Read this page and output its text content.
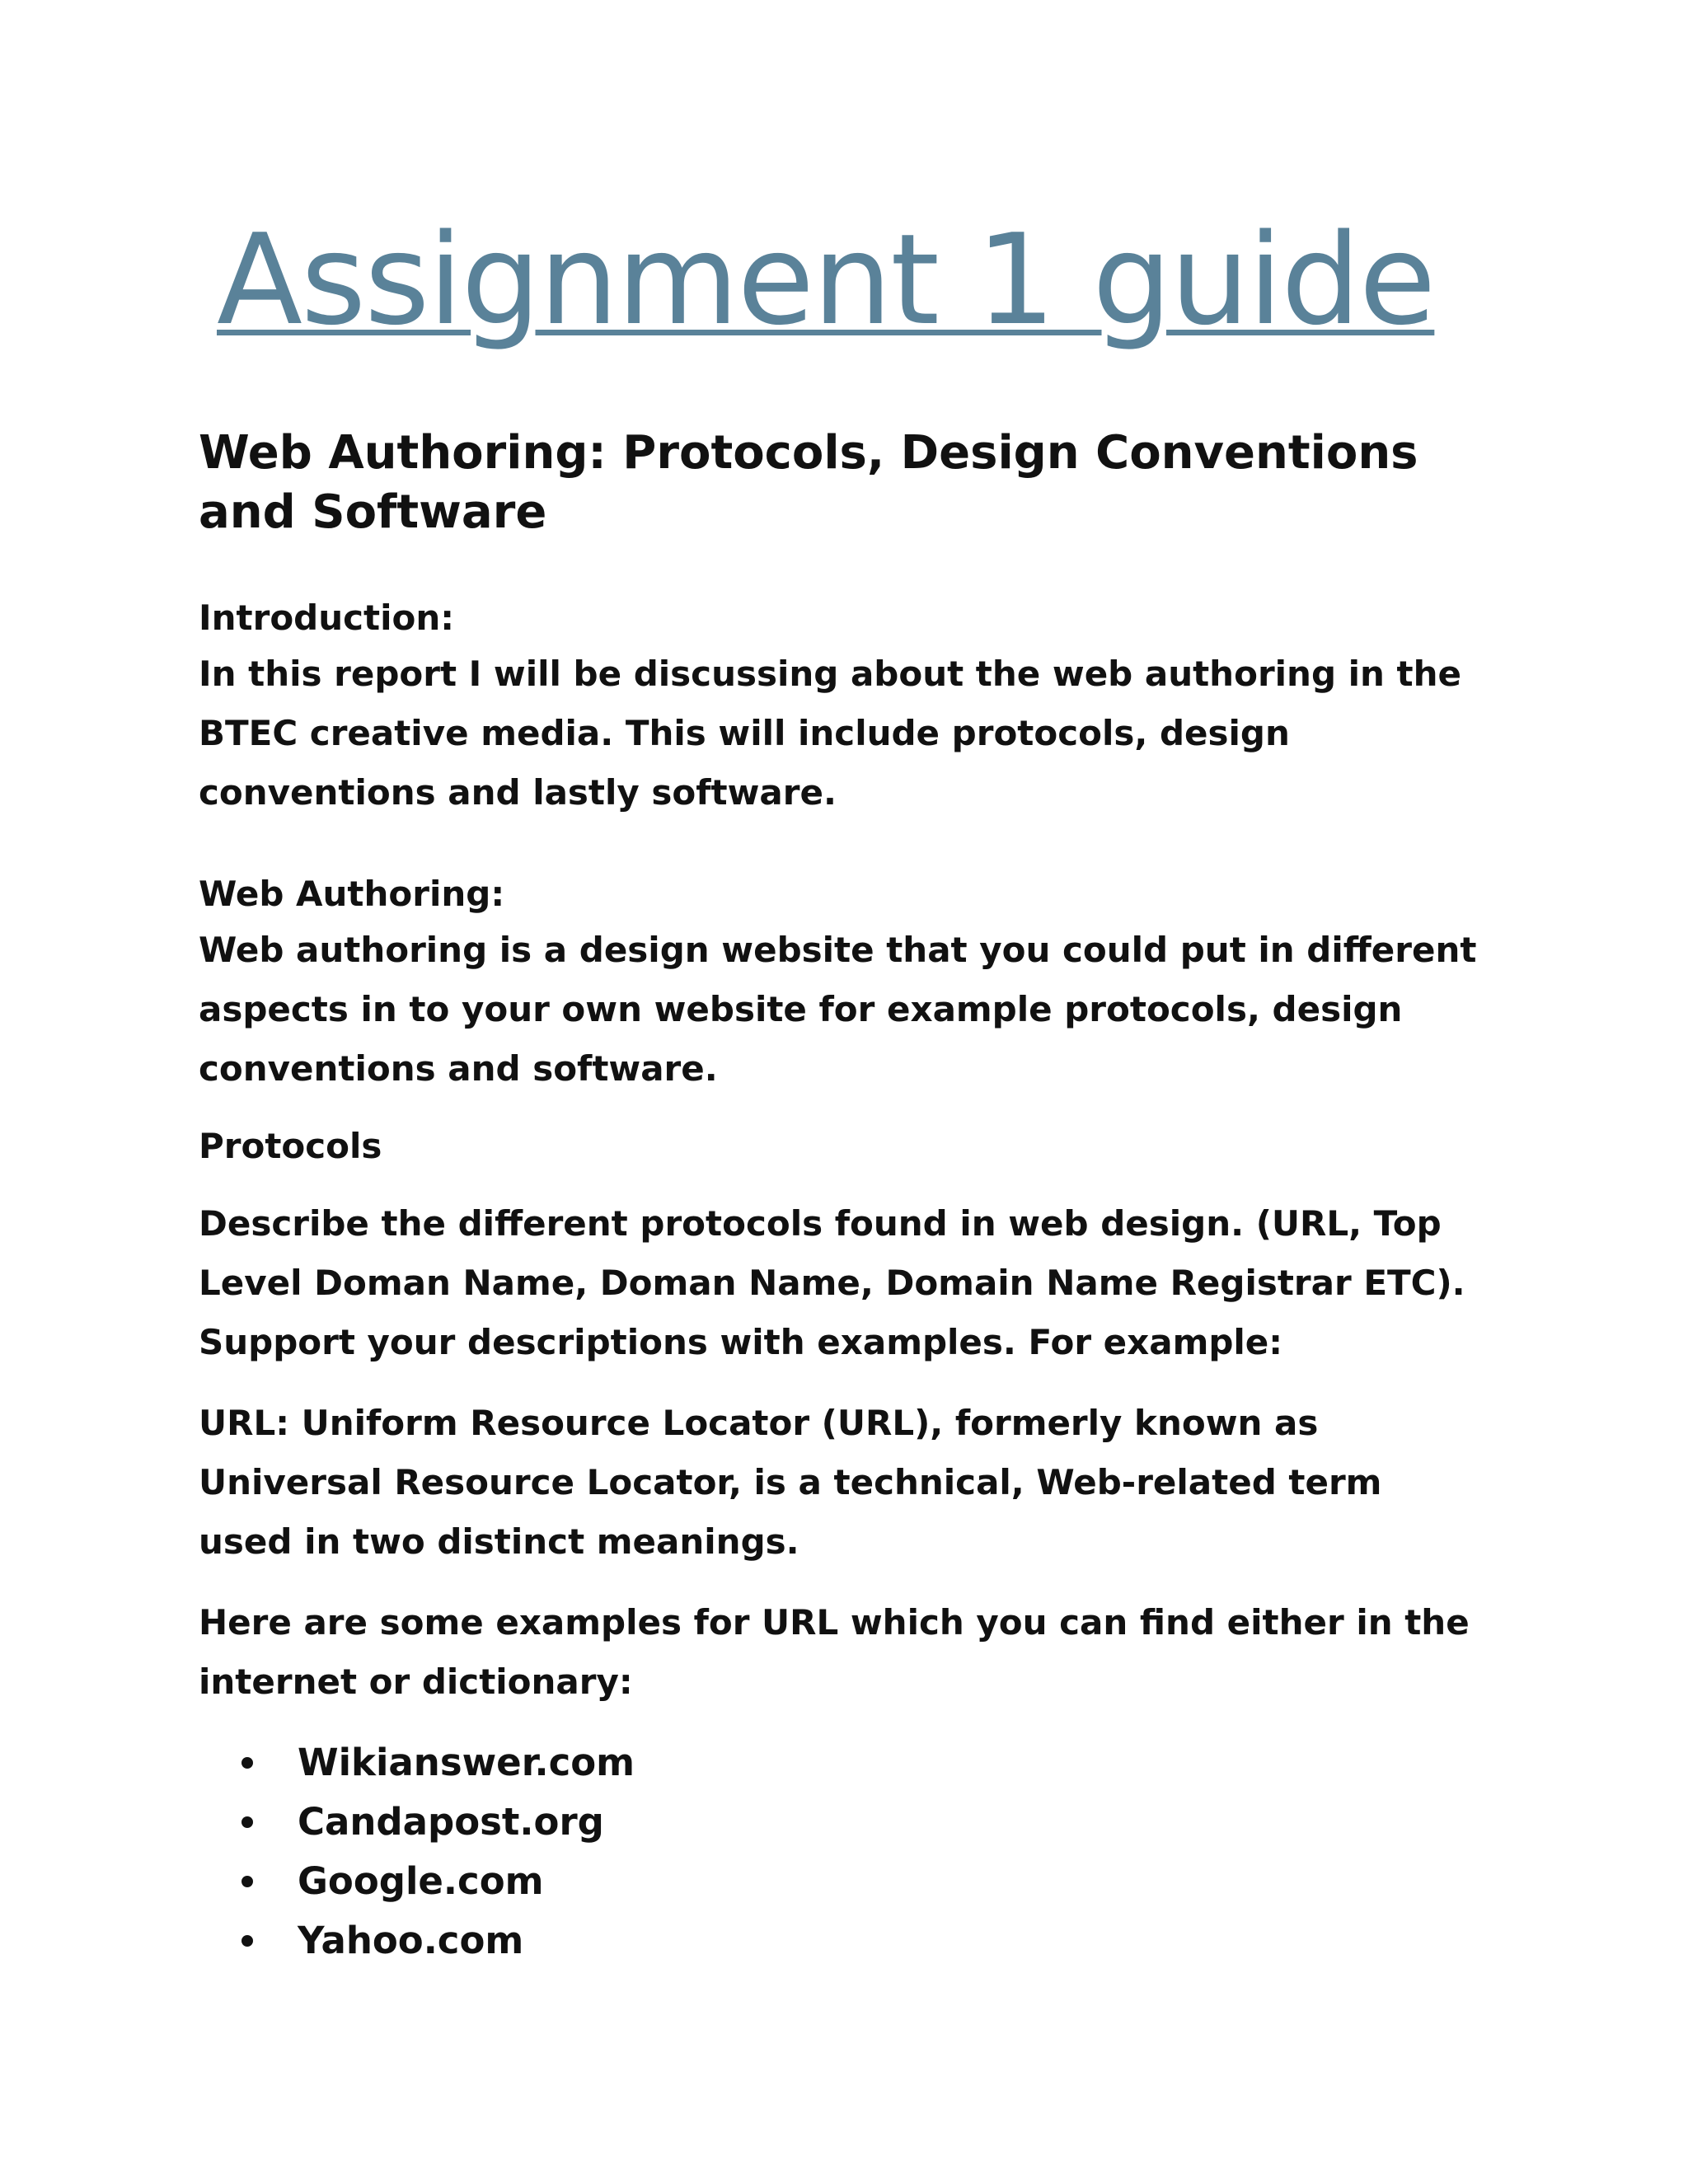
Assignment 1 guide
Web Authoring: Protocols, Design Conventions and Software

Introduction:

In this report I will be discussing about the web authoring in the BTEC creative media. This will include protocols, design conventions and lastly software.

Web Authoring:

Web authoring is a design website that you could put in different aspects in to your own website for example protocols, design conventions and software.

Protocols

Describe the different protocols found in web design. (URL, Top Level Doman Name, Doman Name, Domain Name Registrar ETC). Support your descriptions with examples. For example:

URL: Uniform Resource Locator (URL), formerly known as Universal Resource Locator, is a technical, Web-related term used in two distinct meanings.

Here are some examples for URL which you can find either in the internet or dictionary:

Wikianswer.com
Candapost.org
Google.com
Yahoo.com
